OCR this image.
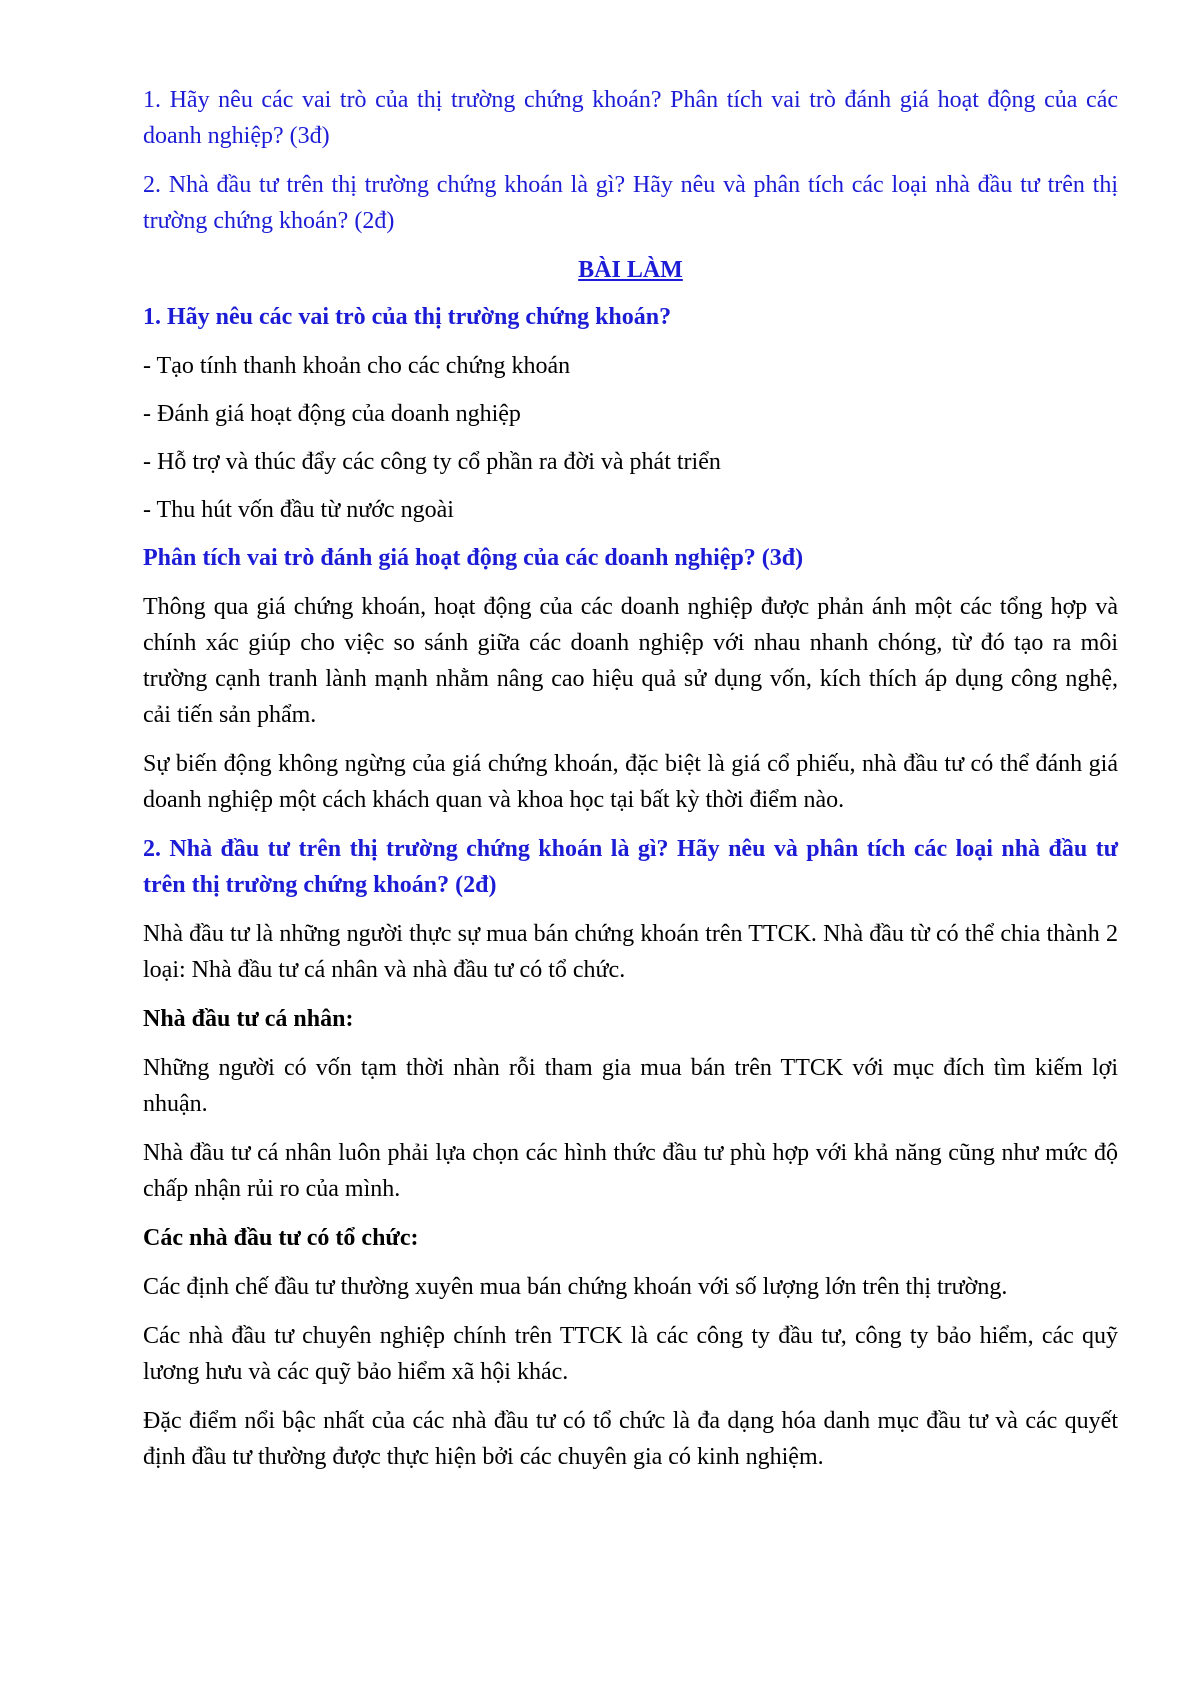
1. Hãy nêu các vai trò của thị trường chứng khoán? Phân tích vai trò đánh giá hoạt động của các doanh nghiệp? (3đ)

2. Nhà đầu tư trên thị trường chứng khoán là gì? Hãy nêu và phân tích các loại nhà đầu tư trên thị trường chứng khoán? (2đ)

BÀI LÀM

1. Hãy nêu các vai trò của thị trường chứng khoán?

- Tạo tính thanh khoản cho các chứng khoán

- Đánh giá hoạt động của doanh nghiệp

- Hỗ trợ và thúc đẩy các công ty cổ phần ra đời và phát triển

- Thu hút vốn đầu từ nước ngoài

Phân tích vai trò đánh giá hoạt động của các doanh nghiệp? (3đ)

Thông qua giá chứng khoán, hoạt động của các doanh nghiệp được phản ánh một các tổng hợp và chính xác giúp cho việc so sánh giữa các doanh nghiệp với nhau nhanh chóng, từ đó tạo ra môi trường cạnh tranh lành mạnh nhằm nâng cao hiệu quả sử dụng vốn, kích thích áp dụng công nghệ, cải tiến sản phẩm.

Sự biến động không ngừng của giá chứng khoán, đặc biệt là giá cổ phiếu, nhà đầu tư có thể đánh giá doanh nghiệp một cách khách quan và khoa học tại bất kỳ thời điểm nào.

2. Nhà đầu tư trên thị trường chứng khoán là gì? Hãy nêu và phân tích các loại nhà đầu tư trên thị trường chứng khoán? (2đ)

Nhà đầu tư là những người thực sự mua bán chứng khoán trên TTCK. Nhà đầu từ có thể chia thành 2 loại: Nhà đầu tư cá nhân và nhà đầu tư có tổ chức.

Nhà đầu tư cá nhân:

Những người có vốn tạm thời nhàn rỗi tham gia mua bán trên TTCK với mục đích tìm kiếm lợi nhuận.

Nhà đầu tư cá nhân luôn phải lựa chọn các hình thức đầu tư phù hợp với khả năng cũng như mức độ chấp nhận rủi ro của mình.

Các nhà đầu tư có tổ chức:

Các định chế đầu tư thường xuyên mua bán chứng khoán với số lượng lớn trên thị trường.

Các nhà đầu tư chuyên nghiệp chính trên TTCK là các công ty đầu tư, công ty bảo hiểm, các quỹ lương hưu và các quỹ bảo hiểm xã hội khác.

Đặc điểm nổi bậc nhất của các nhà đầu tư có tổ chức là đa dạng hóa danh mục đầu tư và các quyết định đầu tư thường được thực hiện bởi các chuyên gia có kinh nghiệm.
